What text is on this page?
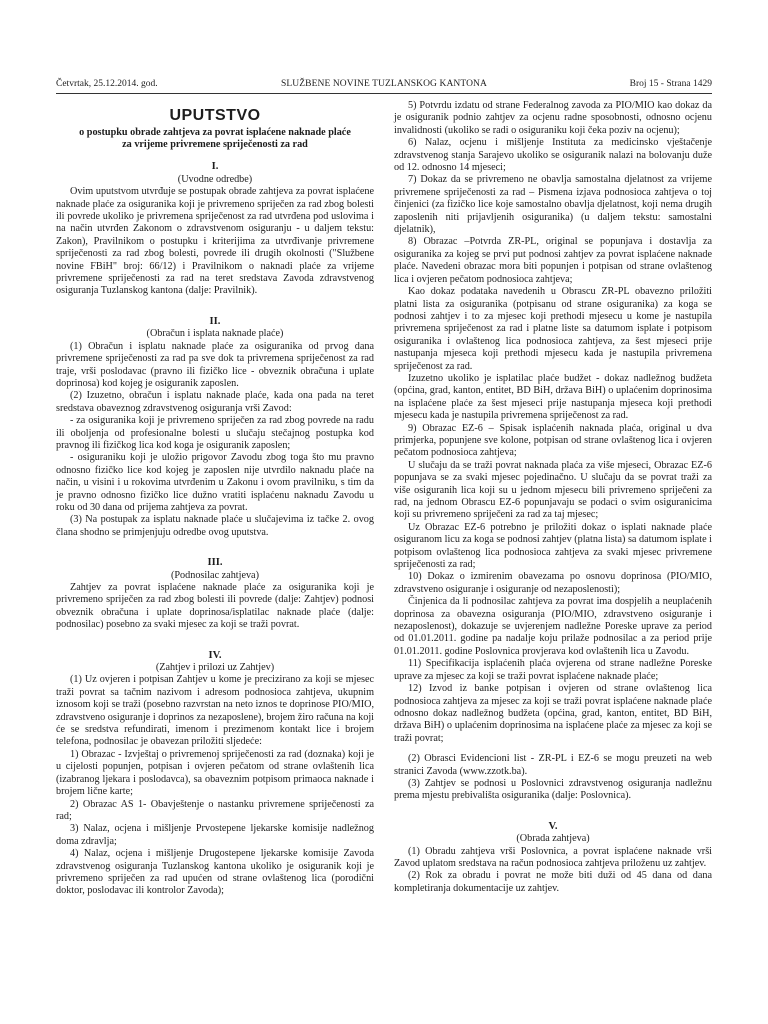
Četvrtak, 25.12.2014. god.	SLUŽBENE NOVINE TUZLANSKOG KANTONA	Broj 15 - Strana 1429
UPUTSTVO
o postupku obrade zahtjeva za povrat isplaćene naknade plaće
za vrijeme privremene spriječenosti za rad
I.
(Uvodne odredbe)

Ovim uputstvom utvrđuje se postupak obrade zahtjeva za povrat isplaćene naknade plaće za osiguranika koji je privremeno spriječen za rad zbog bolesti ili povrede ukoliko je privremena spriječenost za rad utvrđena pod uslovima i na način utvrđen Zakonom o zdravstvenom osiguranju - u daljem tekstu: Zakon), Pravilnikom o postupku i kriterijima za utvrđivanje privremene spriječenosti za rad zbog bolesti, povrede ili drugih okolnosti ("Službene novine FBiH" broj: 66/12) i Pravilnikom o naknadi plaće za vrijeme privremene spriječenosti za rad na teret sredstava Zavoda zdravstvenog osiguranja Tuzlanskog kantona (dalje: Pravilnik).

II.
(Obračun i isplata naknade plaće)

(1) Obračun i isplatu naknade plaće za osiguranika od prvog dana privremene spriječenosti za rad pa sve dok ta privremena spriječenost za rad traje, vrši poslodavac (pravno ili fizičko lice - obveznik obračuna i uplate doprinosa) kod kojeg je osiguranik zaposlen.

(2) Izuzetno, obračun i isplatu naknade plaće, kada ona pada na teret sredstava obaveznog zdravstvenog osiguranja vrši Zavod:

- za osiguranika koji je privremeno spriječen za rad zbog povrede na radu ili oboljenja od profesionalne bolesti u slučaju stečajnog postupka kod pravnog ili fizičkog lica kod koga je osiguranik zaposlen;

- osiguraniku koji je uložio prigovor Zavodu zbog toga što mu pravno odnosno fizičko lice kod kojeg je zaposlen nije utvrdilo naknadu plaće na način, u visini i u rokovima utvrđenim u Zakonu i ovom pravilniku, s tim da je pravno odnosno fizičko lice dužno vratiti isplaćenu naknadu Zavodu u roku od 30 dana od prijema zahtjeva za povrat.

(3) Na postupak za isplatu naknade plaće u slučajevima iz tačke 2. ovog člana shodno se primjenjuju odredbe ovog uputstva.

III.
(Podnosilac zahtjeva)

Zahtjev za povrat isplaćene naknade plaće za osiguranika koji je privremeno spriječen za rad zbog bolesti ili povrede (dalje: Zahtjev) podnosi obveznik obračuna i uplate doprinosa/isplatilac naknade plaće (dalje: podnosilac) posebno za svaki mjesec za koji se traži povrat.

IV.
(Zahtjev i prilozi uz Zahtjev)

(1) Uz ovjeren i potpisan Zahtjev u kome je precizirano za koji se mjesec traži povrat sa tačnim nazivom i adresom podnosioca zahtjeva, ukupnim iznosom koji se traži (posebno razvrstan na neto iznos te doprinose PIO/MIO, zdravstveno osiguranje i doprinos za nezaposlene), brojem žiro računa na koji će se sredstva refundirati, imenom i prezimenom kontakt lice i brojem telefona, podnosilac je obavezan priložiti sljedeće:

1) Obrazac - Izvještaj o privremenoj spriječenosti za rad (doznaka) koji je u cijelosti popunjen, potpisan i ovjeren pečatom od strane ovlaštenih lica (izabranog ljekara i poslodavca), sa obaveznim potpisom primaoca naknade i brojem lične karte;

2) Obrazac AS 1- Obavještenje o nastanku privremene spriječenosti za rad;

3) Nalaz, ocjena i mišljenje Prvostepene ljekarske komisije nadležnog doma zdravlja;

4) Nalaz, ocjena i mišljenje Drugostepene ljekarske komisije Zavoda zdravstvenog osiguranja Tuzlanskog kantona ukoliko je osiguranik koji je privremeno spriječen za rad upućen od strane ovlaštenog lica (porodični doktor, poslodavac ili kontrolor Zavoda);

5) Potvrdu izdatu od strane Federalnog zavoda za PIO/MIO kao dokaz da je osiguranik podnio zahtjev za ocjenu radne sposobnosti, odnosno ocjenu invalidnosti (ukoliko se radi o osiguraniku koji čeka poziv na ocjenu);

6) Nalaz, ocjenu i mišljenje Instituta za medicinsko vještačenje zdravstvenog stanja Sarajevo ukoliko se osiguranik nalazi na bolovanju duže od 12. odnosno 14 mjeseci;

7) Dokaz da se privremeno ne obavlja samostalna djelatnost za vrijeme privremene spriječenosti za rad – Pismena izjava podnosioca zahtjeva o toj činjenici (za fizičko lice koje samostalno obavlja djelatnost, koji nema drugih zaposlenih niti prijavljenih osiguranika) (u daljem tekstu: samostalni djelatnik),

8) Obrazac –Potvrda ZR-PL, original se popunjava i dostavlja za osiguranika za kojeg se prvi put podnosi zahtjev za povrat isplaćene naknade plaće. Navedeni obrazac mora biti popunjen i potpisan od strane ovlaštenog lica i ovjeren pečatom podnosioca zahtjeva;

Kao dokaz podataka navedenih u Obrascu ZR-PL obavezno priložiti platni lista za osiguranika (potpisanu od strane osiguranika) za koga se podnosi zahtjev i to za mjesec koji prethodi mjesecu u kome je nastupila privremena spriječenost za rad i platne liste sa datumom isplate i potpisom osiguranika i ovlaštenog lica podnosioca zahtjeva, za šest mjeseci prije nastupanja mjeseca koji prethodi mjesecu kada je nastupila privremena spriječenost za rad.

Izuzetno ukoliko je isplatilac plaće budžet - dokaz nadležnog budžeta (općina, grad, kanton, entitet, BD BiH, država BiH) o uplaćenim doprinosima na isplaćene plaće za šest mjeseci prije nastupanja mjeseca koji prethodi mjesecu kada je nastupila privremena spriječenost za rad.

9) Obrazac EZ-6 – Spisak isplaćenih naknada plaća, original u dva primjerka, popunjene sve kolone, potpisan od strane ovlaštenog lica i ovjeren pečatom podnosioca zahtjeva;

U slučaju da se traži povrat naknada plaća za više mjeseci, Obrazac EZ-6 popunjava se za svaki mjesec pojedinačno. U slučaju da se povrat traži za više osiguranih lica koji su u jednom mjesecu bili privremeno spriječeni za rad, na jednom Obrascu EZ-6 popunjavaju se podaci o svim osiguranicima koji su privremeno spriječeni za rad za taj mjesec;

Uz Obrazac EZ-6 potrebno je priložiti dokaz o isplati naknade plaće osiguranom licu za koga se podnosi zahtjev (platna lista) sa datumom isplate i potpisom ovlaštenog lica podnosioca zahtjeva za svaki mjesec privremene spriječenosti za rad;

10) Dokaz o izmirenim obavezama po osnovu doprinosa (PIO/MIO, zdravstveno osiguranje i osiguranje od nezaposlenosti);

Činjenica da li podnosilac zahtjeva za povrat ima dospjelih a neuplaćenih doprinosa za obavezna osiguranja (PIO/MIO, zdravstveno osiguranje i nezaposlenost), dokazuje se uvjerenjem nadležne Poreske uprave za period od 01.01.2011. godine pa nadalje koju prilaže podnosilac a za period prije 01.01.2011. godine Poslovnica provjerava kod ovlaštenih lica u Zavodu.

11) Specifikacija isplaćenih plaća ovjerena od strane nadležne Poreske uprave za mjesec za koji se traži povrat isplaćene naknade plaće;

12) Izvod iz banke potpisan i ovjeren od strane ovlaštenog lica podnosioca zahtjeva za mjesec za koji se traži povrat isplaćene naknade plaće odnosno dokaz nadležnog budžeta (općina, grad, kanton, entitet, BD BiH, država BiH) o uplaćenim doprinosima na isplaćene plaće za mjesec za koji se traži povrat;

(2) Obrasci Evidencioni list - ZR-PL i EZ-6 se mogu preuzeti na web stranici Zavoda (www.zzotk.ba).

(3) Zahtjev se podnosi u Poslovnici zdravstvenog osiguranja nadležnu prema mjestu prebivališta osiguranika (dalje: Poslovnica).

V.
(Obrada zahtjeva)

(1) Obradu zahtjeva vrši Poslovnica, a povrat isplaćene naknade vrši Zavod uplatom sredstava na račun podnosioca zahtjeva priloženu uz zahtjev.

(2) Rok za obradu i povrat ne može biti duži od 45 dana od dana kompletiranja dokumentacije uz zahtjev.
